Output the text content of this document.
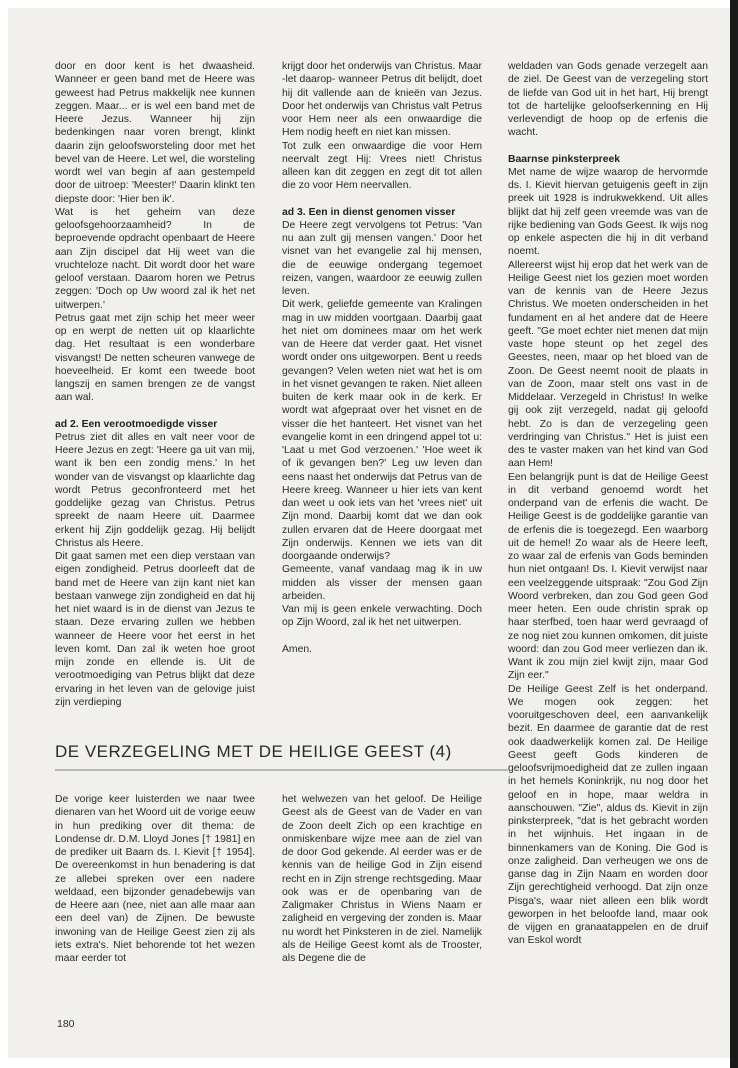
door en door kent is het dwaasheid. Wanneer er geen band met de Heere was geweest had Petrus makkelijk nee kunnen zeggen. Maar... er is wel een band met de Heere Jezus. Wanneer hij zijn bedenkingen naar voren brengt, klinkt daarin zijn geloofsworsteling door met het bevel van de Heere. Let wel, die worsteling wordt wel van begin af aan gestempeld door de uitroep: 'Meester!' Daarin klinkt ten diepste door: 'Hier ben ik'.

Wat is het geheim van deze geloofsgehoorzaamheid? In de beproevende opdracht openbaart de Heere aan Zijn discipel dat Hij weet van die vruchteloze nacht. Dit wordt door het ware geloof verstaan. Daarom horen we Petrus zeggen: 'Doch op Uw woord zal ik het net uitwerpen.'

Petrus gaat met zijn schip het meer weer op en werpt de netten uit op klaarlichte dag. Het resultaat is een wonderbare visvangst! De netten scheuren vanwege de hoeveelheid. Er komt een tweede boot langszij en samen brengen ze de vangst aan wal.

ad 2. Een verootmoedigde visser

Petrus ziet dit alles en valt neer voor de Heere Jezus en zegt: 'Heere ga uit van mij, want ik ben een zondig mens.' In het wonder van de visvangst op klaarlichte dag wordt Petrus geconfronteerd met het goddelijke gezag van Christus. Petrus spreekt de naam Heere uit. Daarmee erkent hij Zijn goddelijk gezag. Hij belijdt Christus als Heere.

Dit gaat samen met een diep verstaan van eigen zondigheid. Petrus doorleeft dat de band met de Heere van zijn kant niet kan bestaan vanwege zijn zondigheid en dat hij het niet waard is in de dienst van Jezus te staan. Deze ervaring zullen we hebben wanneer de Heere voor het eerst in het leven komt. Dan zal ik weten hoe groot mijn zonde en ellende is. Uit de verootmoediging van Petrus blijkt dat deze ervaring in het leven van de gelovige juist zijn verdieping

krijgt door het onderwijs van Christus. Maar -let daarop- wanneer Petrus dit belijdt, doet hij dit vallende aan de knieën van Jezus. Door het onderwijs van Christus valt Petrus voor Hem neer als een onwaardige die Hem nodig heeft en niet kan missen.

Tot zulk een onwaardige die voor Hem neervalt zegt Hij: Vrees niet! Christus alleen kan dit zeggen en zegt dit tot allen die zo voor Hem neervallen.

ad 3. Een in dienst genomen visser

De Heere zegt vervolgens tot Petrus: 'Van nu aan zult gij mensen vangen.' Door het visnet van het evangelie zal hij mensen, die de eeuwige ondergang tegemoet reizen, vangen, waardoor ze eeuwig zullen leven.

Dit werk, geliefde gemeente van Kralingen mag in uw midden voortgaan. Daarbij gaat het niet om dominees maar om het werk van de Heere dat verder gaat. Het visnet wordt onder ons uitgeworpen. Bent u reeds gevangen? Velen weten niet wat het is om in het visnet gevangen te raken. Niet alleen buiten de kerk maar ook in de kerk. Er wordt wat afgepraat over het visnet en de visser die het hanteert. Het visnet van het evangelie komt in een dringend appel tot u: 'Laat u met God verzoenen.' 'Hoe weet ik of ik gevangen ben?' Leg uw leven dan eens naast het onderwijs dat Petrus van de Heere kreeg. Wanneer u hier iets van kent dan weet u ook iets van het 'vrees niet' uit Zijn mond. Daarbij komt dat we dan ook zullen ervaren dat de Heere doorgaat met Zijn onderwijs. Kennen we iets van dit doorgaande onderwijs?

Gemeente, vanaf vandaag mag ik in uw midden als visser der mensen gaan arbeiden.

Van mij is geen enkele verwachting. Doch op Zijn Woord, zal ik het net uitwerpen.

Amen.

weldaden van Gods genade verzegelt aan de ziel. De Geest van de verzegeling stort de liefde van God uit in het hart, Hij brengt tot de hartelijke geloofserkenning en Hij verlevendigt de hoop op de erfenis die wacht.

Baarnse pinksterpreek

Met name de wijze waarop de hervormde ds. I. Kievit hiervan getuigenis geeft in zijn preek uit 1928 is indrukwekkend. Uit alles blijkt dat hij zelf geen vreemde was van de rijke bediening van Gods Geest. Ik wijs nog op enkele aspecten die hij in dit verband noemt.

Allereerst wijst hij erop dat het werk van de Heilige Geest niet los gezien moet worden van de kennis van de Heere Jezus Christus. We moeten onderscheiden in het fundament en al het andere dat de Heere geeft. "Ge moet echter niet menen dat mijn vaste hope steunt op het zegel des Geestes, neen, maar op het bloed van de Zoon. De Geest neemt nooit de plaats in van de Zoon, maar stelt ons vast in de Middelaar. Verzegeld in Christus! In welke gij ook zijt verzegeld, nadat gij geloofd hebt. Zo is dan de verzegeling geen verdringing van Christus." Het is juist een des te vaster maken van het kind van God aan Hem!

Een belangrijk punt is dat de Heilige Geest in dit verband genoemd wordt het onderpand van de erfenis die wacht. De Heilige Geest is de goddelijke garantie van de erfenis die is toegezegd. Een waarborg uit de hemel! Zo waar als de Heere leeft, zo waar zal de erfenis van Gods beminden hun niet ontgaan! Ds. I. Kievit verwijst naar een veelzeggende uitspraak: "Zou God Zijn Woord verbreken, dan zou God geen God meer heten. Een oude christin sprak op haar sterfbed, toen haar werd gevraagd of ze nog niet zou kunnen omkomen, dit juiste woord: dan zou God meer verliezen dan ik. Want ik zou mijn ziel kwijt zijn, maar God Zijn eer."

De Heilige Geest Zelf is het onderpand. We mogen ook zeggen: het vooruitgeschoven deel, een aanvankelijk bezit. En daarmee de garantie dat de rest ook daadwerkelijk komen zal. De Heilige Geest geeft Gods kinderen de geloofsvrijmoedigheid dat ze zullen ingaan in het hemels Koninkrijk, nu nog door het geloof en in hope, maar weldra in aanschouwen. "Zie", aldus ds. Kievit in zijn pinksterpreek, "dat is het gebracht worden in het wijnhuis. Het ingaan in de binnenkamers van de Koning. Die God is onze zaligheid. Dan verheugen we ons de ganse dag in Zijn Naam en worden door Zijn gerechtigheid verhoogd. Dat zijn onze Pisga's, waar niet alleen een blik wordt geworpen in het beloofde land, maar ook de vijgen en granaatappelen en de druif van Eskol wordt

DE VERZEGELING MET DE HEILIGE GEEST (4)

De vorige keer luisterden we naar twee dienaren van het Woord uit de vorige eeuw in hun prediking over dit thema: de Londense dr. D.M. Lloyd Jones [† 1981] en de prediker uit Baarn ds. I. Kievit [† 1954]. De overeenkomst in hun benadering is dat ze allebei spreken over een nadere weldaad, een bijzonder genadebewijs van de Heere aan (nee, niet aan alle maar aan een deel van) de Zijnen. De bewuste inwoning van de Heilige Geest zien zij als iets extra's. Niet behorende tot het wezen maar eerder tot

het welwezen van het geloof. De Heilige Geest als de Geest van de Vader en van de Zoon deelt Zich op een krachtige en onmiskenbare wijze mee aan de ziel van de door God gekende. Al eerder was er de kennis van de heilige God in Zijn eisend recht en in Zijn strenge rechtsgeding. Maar ook was er de openbaring van de Zaligmaker Christus in Wiens Naam er zaligheid en vergeving der zonden is. Maar nu wordt het Pinksteren in de ziel. Namelijk als de Heilige Geest komt als de Trooster, als Degene die de

180
